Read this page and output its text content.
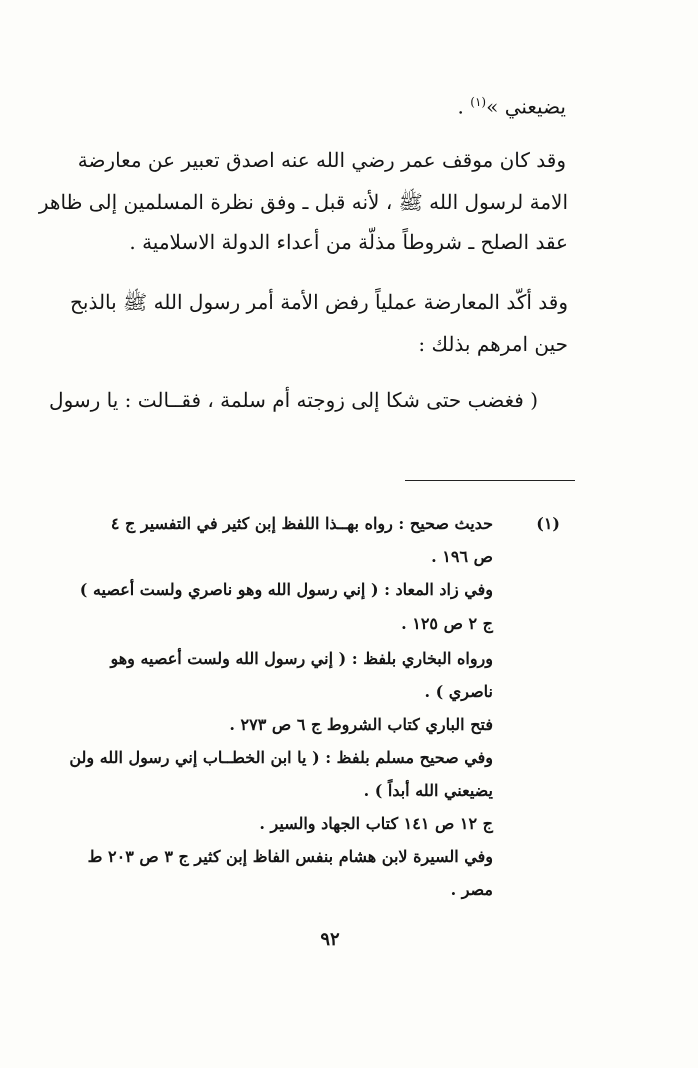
يضيعني »$^{(١)}$ .
وقد كان موقف عمر رضي الله عنه اصدق تعبير عن معارضة
الامة لرسول الله ﷺ ، لأنه قبل ـ وفق نظرة المسلمين إلى ظاهر
عقد الصلح ـ شروطاً مذلّة من أعداء الدولة الاسلامية .
وقد أكّد المعارضة عملياً رفض الأمة أمر رسول الله ﷺ بالذبح
حين امرهم بذلك :
( فغضب حتى شكا إلى زوجته أم سلمة ، فقــالت : يا رسول
(١)
حديث صحيح : رواه بهــذا اللفظ إبن كثير في التفسير ج ٤
ص ١٩٦ .
وفي زاد المعاد : ( إني رسول الله وهو ناصري ولست أعصيه )
ج ٢ ص ١٢٥ .
ورواه البخاري بلفظ : ( إني رسول الله ولست أعصيه وهو
ناصري ) .
فتح الباري كتاب الشروط ج ٦ ص ٢٧٣ .
وفي صحيح مسلم بلفظ : ( يا ابن الخطــاب إني رسول الله ولن
يضيعني الله أبداً ) .
ج ١٢ ص ١٤١ كتاب الجهاد والسير .
وفي السيرة لابن هشام بنفس الفاظ إبن كثير ج ٣ ص ٢٠٣ ط
مصر .
٩٢
